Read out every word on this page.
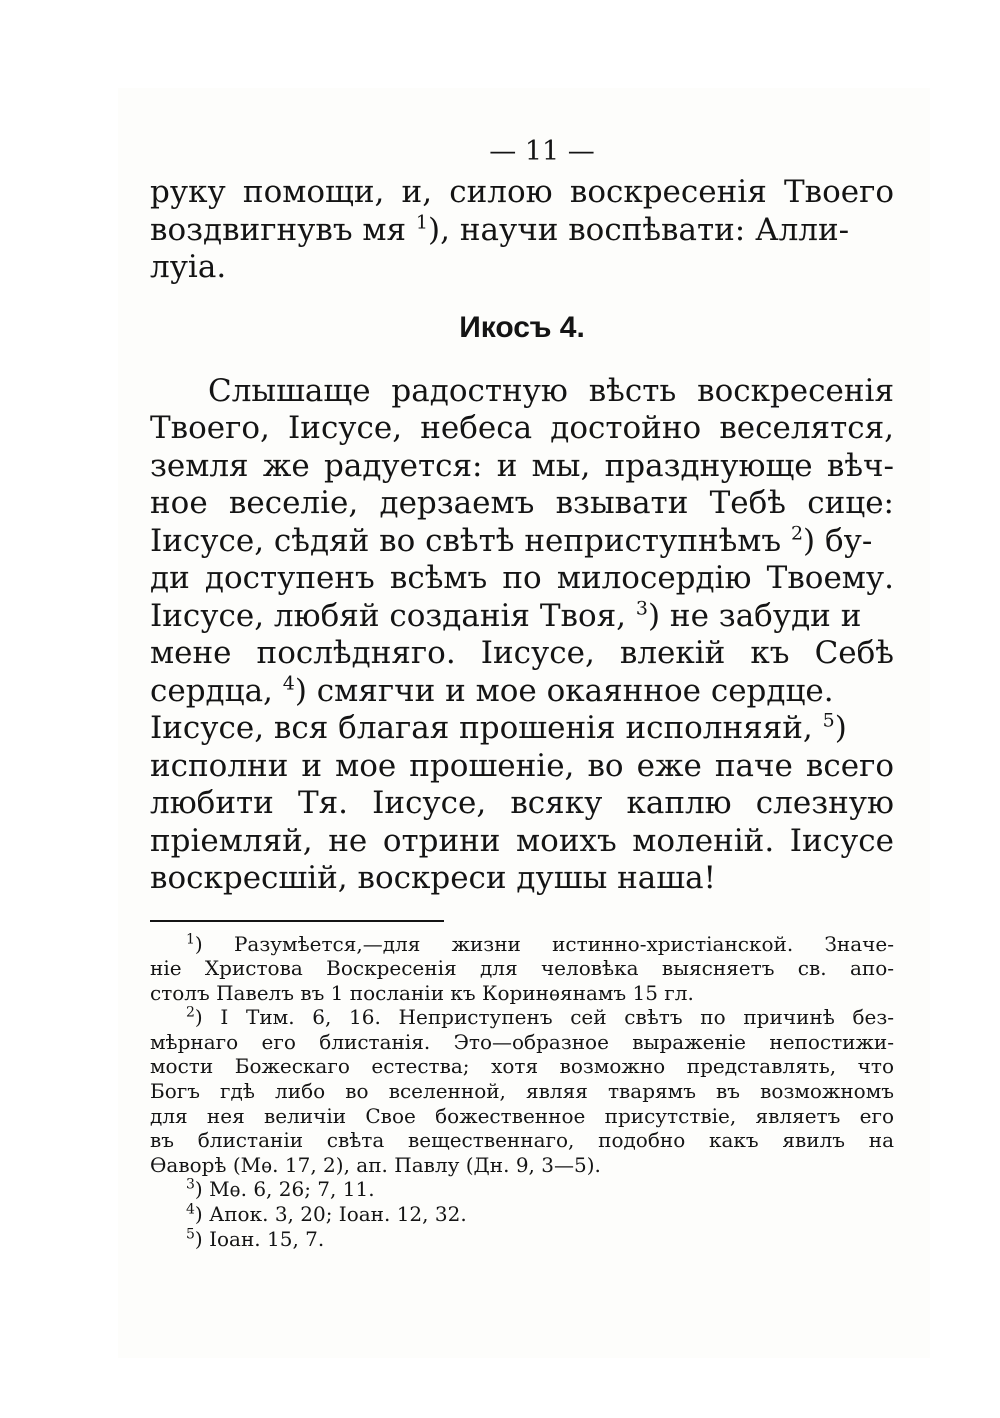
— 11 —
руку помощи, и, силою воскресенія Твоего
воздвигнувъ мя $^1$), научи воспѣвати: Алли-
луіа.
Икосъ 4.
Слышаще радостную вѣсть воскресенія
Твоего, Іисусе, небеса достойно веселятся,
земля же радуется: и мы, празднующе вѣч-
ное веселіе, дерзаемъ взывати Тебѣ сице:
Іисусе, сѣдяй во свѣтѣ неприступнѣмъ $^2$) бу-
ди доступенъ всѣмъ по милосердію Твоему.
Іисусе, любяй созданія Твоя, $^3$) не забуди и
мене послѣдняго. Іисусе, влекій къ Себѣ
сердца, $^4$) смягчи и мое окаянное сердце.
Іисусе, вся благая прошенія исполняяй, $^5$)
исполни и мое прошеніе, во еже паче всего
любити Тя. Іисусе, всяку каплю слезную
пріемляй, не отрини моихъ моленій. Іисусе
воскресшій, воскреси душы наша!
$^1$) Разумѣется,—для жизни истинно-христіанской. Значе-
ніе Христова Воскресенія для человѣка выясняетъ св. апо-
столъ Павелъ въ 1 посланіи къ Коринѳянамъ 15 гл.
$^2$) I Тим. 6, 16. Неприступенъ сей свѣтъ по причинѣ без-
мѣрнаго его блистанія. Это—образное выраженіе непостижи-
мости Божескаго естества; хотя возможно представлять, что
Богъ гдѣ либо во вселенной, являя тварямъ въ возможномъ
для нея величіи Свое божественное присутствіе, являетъ его
въ блистаніи свѣта вещественнаго, подобно какъ явилъ на
Ѳаворѣ (Мѳ. 17, 2), ап. Павлу (Дн. 9, 3—5).
$^3$) Мѳ. 6, 26; 7, 11.
$^4$) Апок. 3, 20; Іоан. 12, 32.
$^5$) Іоан. 15, 7.
